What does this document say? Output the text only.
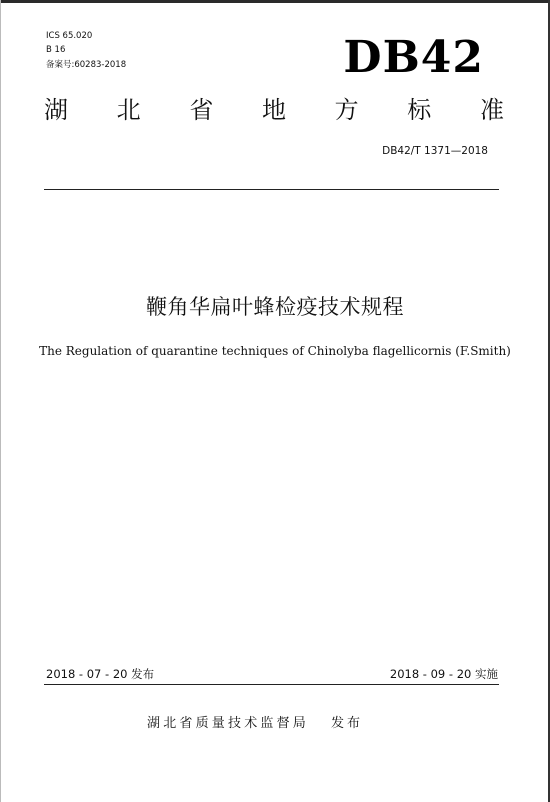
ICS 65.020
B 16
备案号:60283-2018	DB42
湖 北 省 地 方 标 准
DB42/T 1371—2018
鞭角华扁叶蜂检疫技术规程
The Regulation of quarantine techniques of Chinolyba flagellicornis (F.Smith)
2018 - 07 - 20 发布	2018 - 09 - 20 实施
湖北省质量技术监督局 发布
